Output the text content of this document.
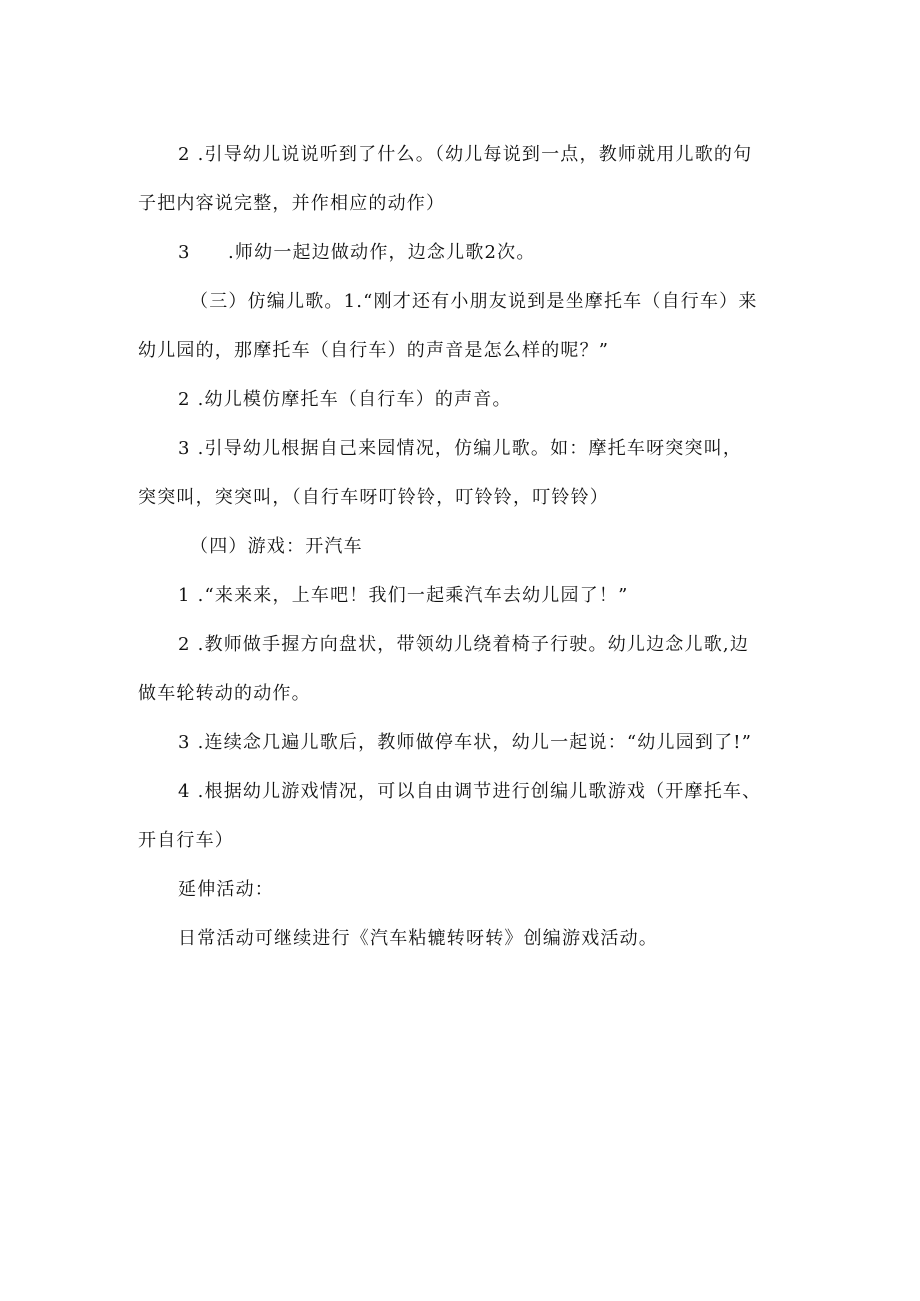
2 .引导幼儿说说听到了什么。（幼儿每说到一点，教师就用儿歌的句
子把内容说完整，并作相应的动作）
3 .师幼一起边做动作，边念儿歌2次。
（三）仿编儿歌。1.“刚才还有小朋友说到是坐摩托车（自行车）来
幼儿园的，那摩托车（自行车）的声音是怎么样的呢？”
2 .幼儿模仿摩托车（自行车）的声音。
3 .引导幼儿根据自己来园情况，仿编儿歌。如：摩托车呀突突叫，
突突叫，突突叫，（自行车呀叮铃铃，叮铃铃，叮铃铃）
（四）游戏：开汽车
1 .“来来来，上车吧！我们一起乘汽车去幼儿园了！”
2 .教师做手握方向盘状，带领幼儿绕着椅子行驶。幼儿边念儿歌,边
做车轮转动的动作。
3 .连续念几遍儿歌后，教师做停车状，幼儿一起说：“幼儿园到了!”
4 .根据幼儿游戏情况，可以自由调节进行创编儿歌游戏（开摩托车、
开自行车）
延伸活动：
日常活动可继续进行《汽车粘辘转呀转》创编游戏活动。
